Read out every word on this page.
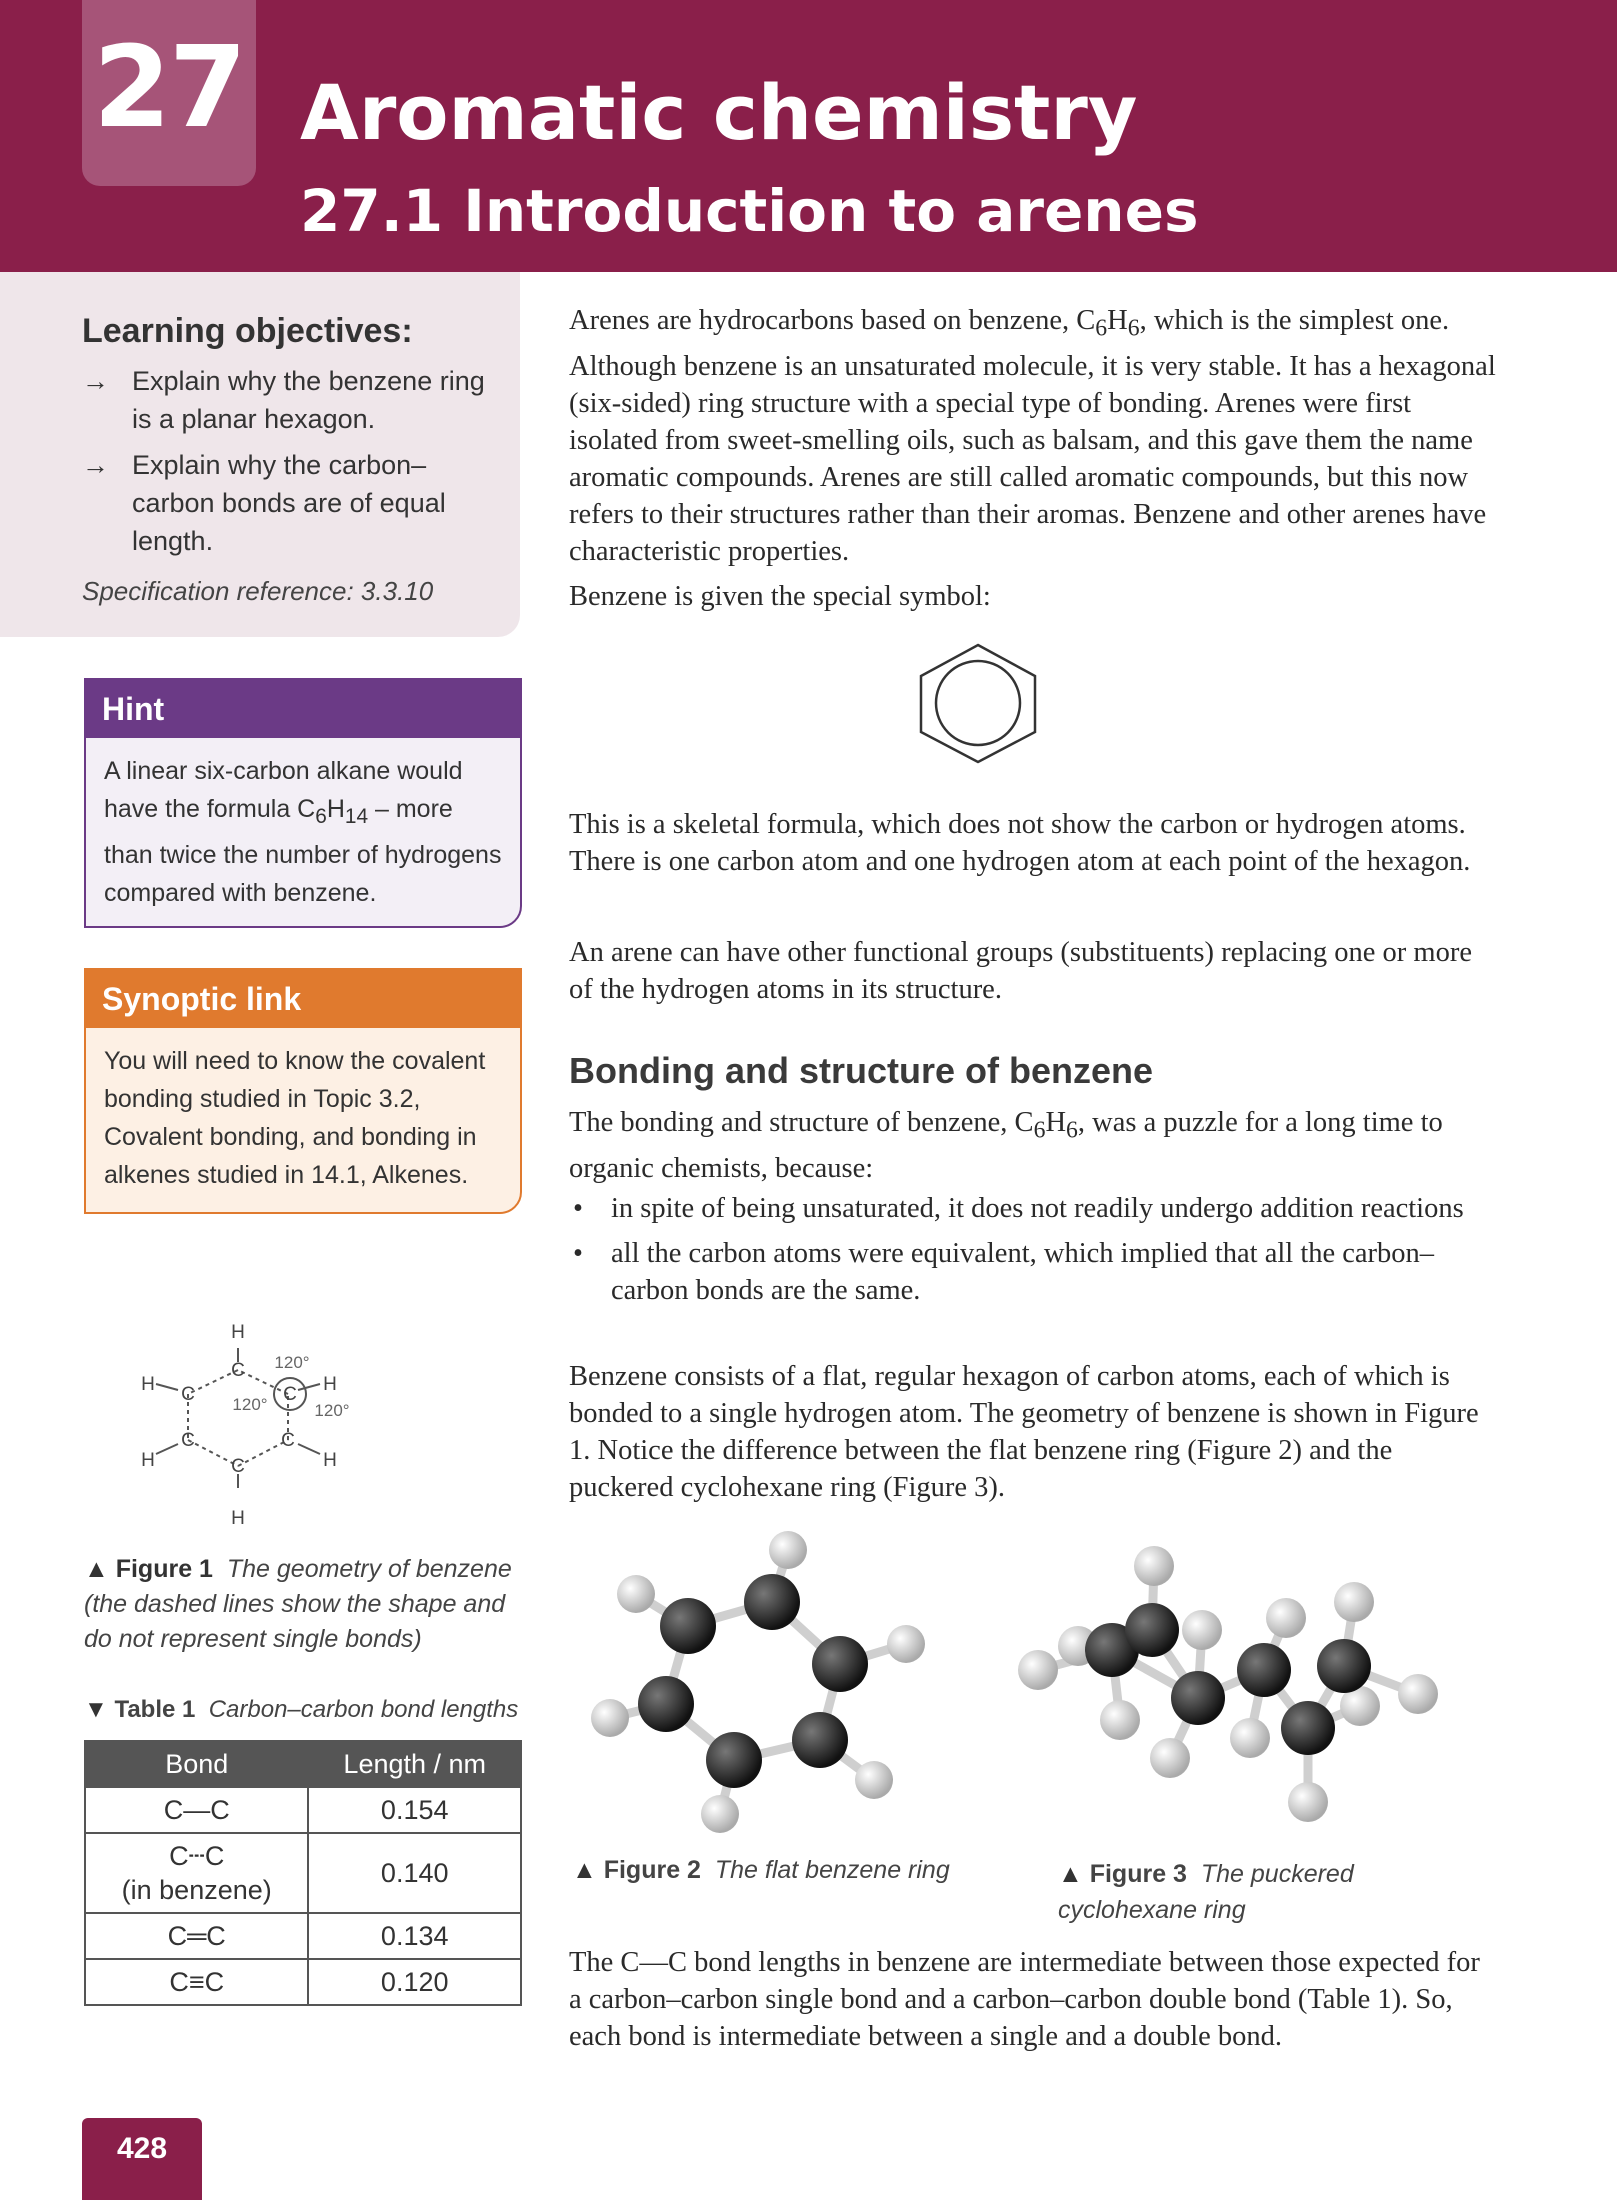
27 Aromatic chemistry
27.1 Introduction to arenes
Learning objectives:
→ Explain why the benzene ring is a planar hexagon.
→ Explain why the carbon–carbon bonds are of equal length.
Specification reference: 3.3.10
Hint
A linear six-carbon alkane would have the formula $C_6H_{14}$ – more than twice the number of hydrogens compared with benzene.
Synoptic link
You will need to know the covalent bonding studied in Topic 3.2, Covalent bonding, and bonding in alkenes studied in 14.1, Alkenes.
H
C
C
C
C
C
C
H
H
H
H
H
120°
120°	120°
▲ Figure 1 The geometry of benzene (the dashed lines show the shape and do not represent single bonds)
▼ Table 1 Carbon–carbon bond lengths
Bond	Length / nm
C—C	0.154

C┄C
(in benzene)	0.140
C═C	0.134
C≡C	0.120
428

Arenes are hydrocarbons based on benzene, $C_6H_6$, which is the simplest one. Although benzene is an unsaturated molecule, it is very stable. It has a hexagonal (six-sided) ring structure with a special type of bonding. Arenes were first isolated from sweet-smelling oils, such as balsam, and this gave them the name aromatic compounds. Arenes are still called aromatic compounds, but this now refers to their structures rather than their aromas. Benzene and other arenes have characteristic properties.

Benzene is given the special symbol:
This is a skeletal formula, which does not show the carbon or hydrogen atoms. There is one carbon atom and one hydrogen atom at each point of the hexagon.
An arene can have other functional groups (substituents) replacing one or more of the hydrogen atoms in its structure.
Bonding and structure of benzene

The bonding and structure of benzene, $C_6H_6$, was a puzzle for a long time to organic chemists, because:

• in spite of being unsaturated, it does not readily undergo addition reactions
• all the carbon atoms were equivalent, which implied that all the carbon–carbon bonds are the same.
Benzene consists of a flat, regular hexagon of carbon atoms, each of which is bonded to a single hydrogen atom. The geometry of benzene is shown in Figure 1. Notice the difference between the flat benzene ring (Figure 2) and the puckered cyclohexane ring (Figure 3).
▲ Figure 2 The flat benzene ring	▲ Figure 3 The puckered cyclohexane ring
The C—C bond lengths in benzene are intermediate between those expected for a carbon–carbon single bond and a carbon–carbon double bond (Table 1). So, each bond is intermediate between a single and a double bond.
